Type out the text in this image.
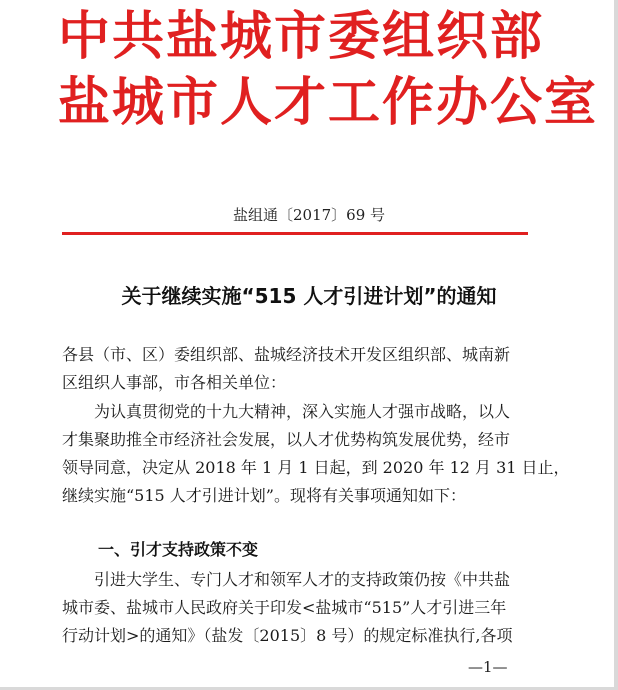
中共盐城市委组织部
盐城市人才工作办公室
盐组通〔2017〕69 号
关于继续实施“515 人才引进计划”的通知
各县（市、区）委组织部、盐城经济技术开发区组织部、城南新
区组织人事部，市各相关单位：
　　为认真贯彻党的十九大精神，深入实施人才强市战略，以人
才集聚助推全市经济社会发展，以人才优势构筑发展优势，经市
领导同意，决定从 2018 年 1 月 1 日起，到 2020 年 12 月 31 日止，
继续实施“515 人才引进计划”。现将有关事项通知如下：
一、引才支持政策不变
　　引进大学生、专门人才和领军人才的支持政策仍按《中共盐
城市委、盐城市人民政府关于印发<盐城市“515”人才引进三年
行动计划>的通知》（盐发〔2015〕8 号）的规定标准执行,各项
—1—
